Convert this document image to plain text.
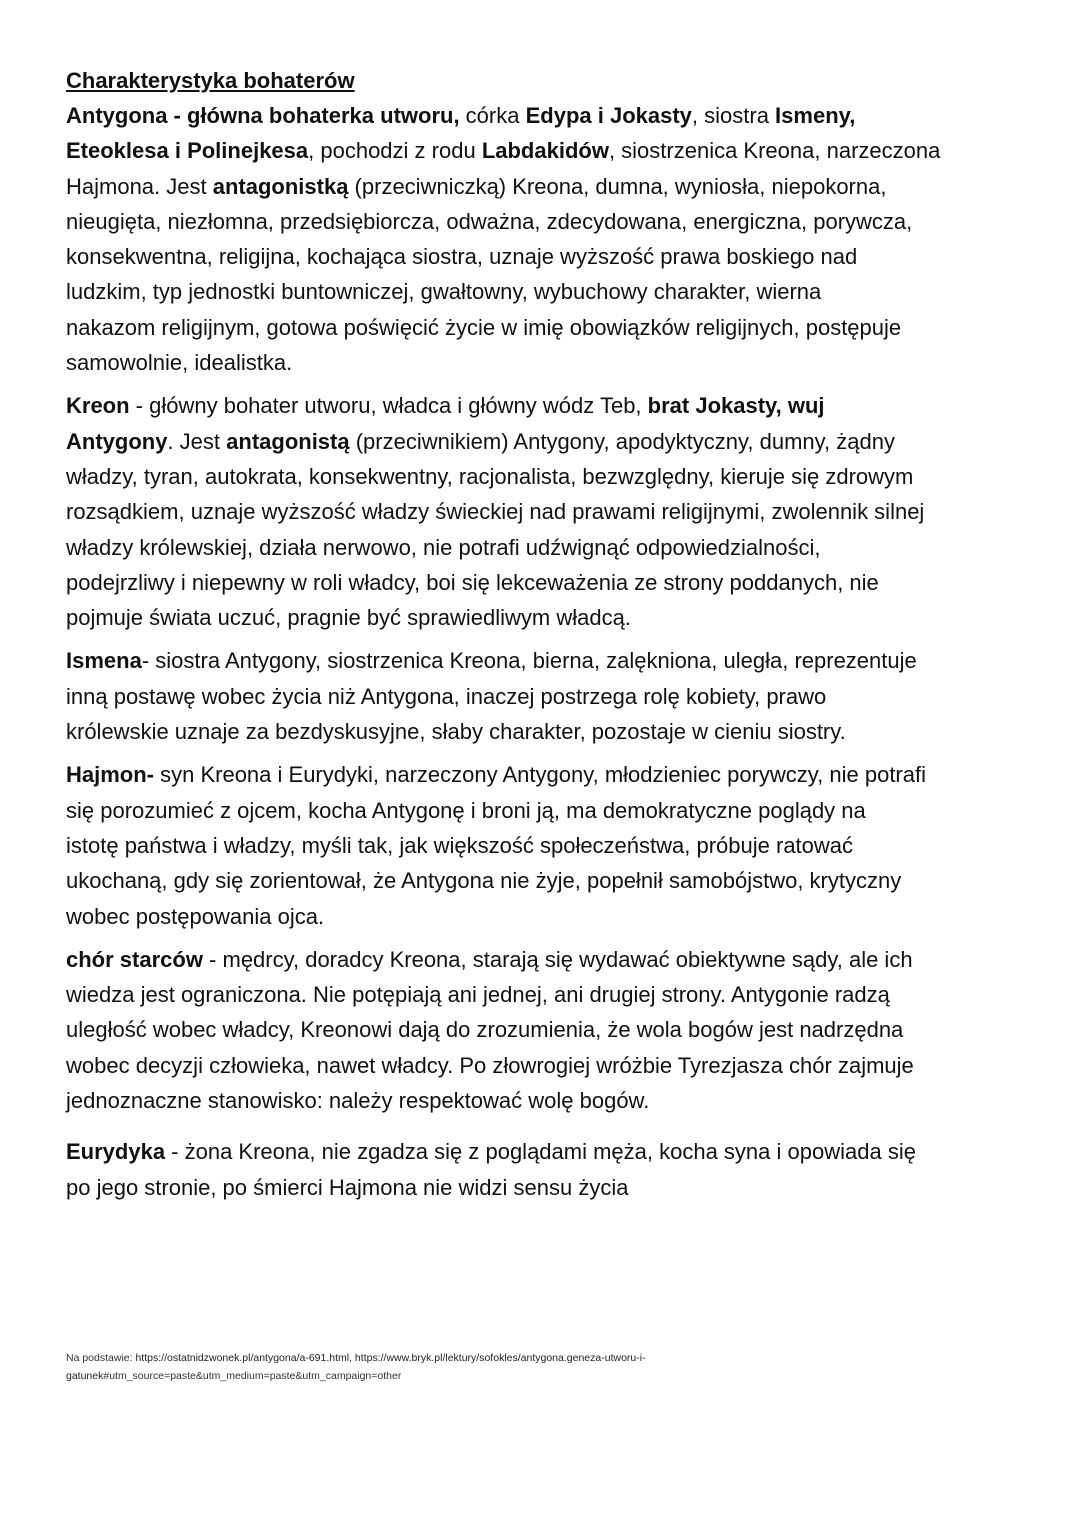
Charakterystyka bohaterów
Antygona - główna bohaterka utworu, córka Edypa i Jokasty, siostra Ismeny,
Eteoklesa i Polinejkesa, pochodzi z rodu Labdakidów, siostrzenica Kreona, narzeczona
Hajmona. Jest antagonistką (przeciwniczką) Kreona, dumna, wyniosła, niepokorna,
nieugięta, niezłomna, przedsiębiorcza, odważna, zdecydowana, energiczna, porywcza,
konsekwentna, religijna, kochająca siostra, uznaje wyższość prawa boskiego nad
ludzkim, typ jednostki buntowniczej, gwałtowny, wybuchowy charakter, wierna
nakazom religijnym, gotowa poświęcić życie w imię obowiązków religijnych, postępuje
samowolnie, idealistka.
Kreon - główny bohater utworu, władca i główny wódz Teb, brat Jokasty, wuj
Antygony. Jest antagonistą (przeciwnikiem) Antygony, apodyktyczny, dumny, żądny
władzy, tyran, autokrata, konsekwentny, racjonalista, bezwzględny, kieruje się zdrowym
rozsądkiem, uznaje wyższość władzy świeckiej nad prawami religijnymi, zwolennik silnej
władzy królewskiej, działa nerwowo, nie potrafi udźwignąć odpowiedzialności,
podejrzliwy i niepewny w roli władcy, boi się lekceważenia ze strony poddanych, nie
pojmuje świata uczuć, pragnie być sprawiedliwym władcą.
Ismena- siostra Antygony, siostrzenica Kreona, bierna, zalękniona, uległa, reprezentuje
inną postawę wobec życia niż Antygona, inaczej postrzega rolę kobiety, prawo
królewskie uznaje za bezdyskusyjne, słaby charakter, pozostaje w cieniu siostry.
Hajmon- syn Kreona i Eurydyki, narzeczony Antygony, młodzieniec porywczy, nie potrafi
się porozumieć z ojcem, kocha Antygonę i broni ją, ma demokratyczne poglądy na
istotę państwa i władzy, myśli tak, jak większość społeczeństwa, próbuje ratować
ukochaną, gdy się zorientował, że Antygona nie żyje, popełnił samobójstwo, krytyczny
wobec postępowania ojca.
chór starców - mędrcy, doradcy Kreona, starają się wydawać obiektywne sądy, ale ich
wiedza jest ograniczona. Nie potępiają ani jednej, ani drugiej strony. Antygonie radzą
uległość wobec władcy, Kreonowi dają do zrozumienia, że wola bogów jest nadrzędna
wobec decyzji człowieka, nawet władcy. Po złowrogiej wróżbie Tyrezjasza chór zajmuje
jednoznaczne stanowisko: należy respektować wolę bogów.
Eurydyka - żona Kreona, nie zgadza się z poglądami męża, kocha syna i opowiada się
po jego stronie, po śmierci Hajmona nie widzi sensu życia
Na podstawie: https://ostatnidzwonek.pl/antygona/a-691.html, https://www.bryk.pl/lektury/sofokles/antygona.geneza-utworu-i-
gatunek#utm_source=paste&utm_medium=paste&utm_campaign=other
